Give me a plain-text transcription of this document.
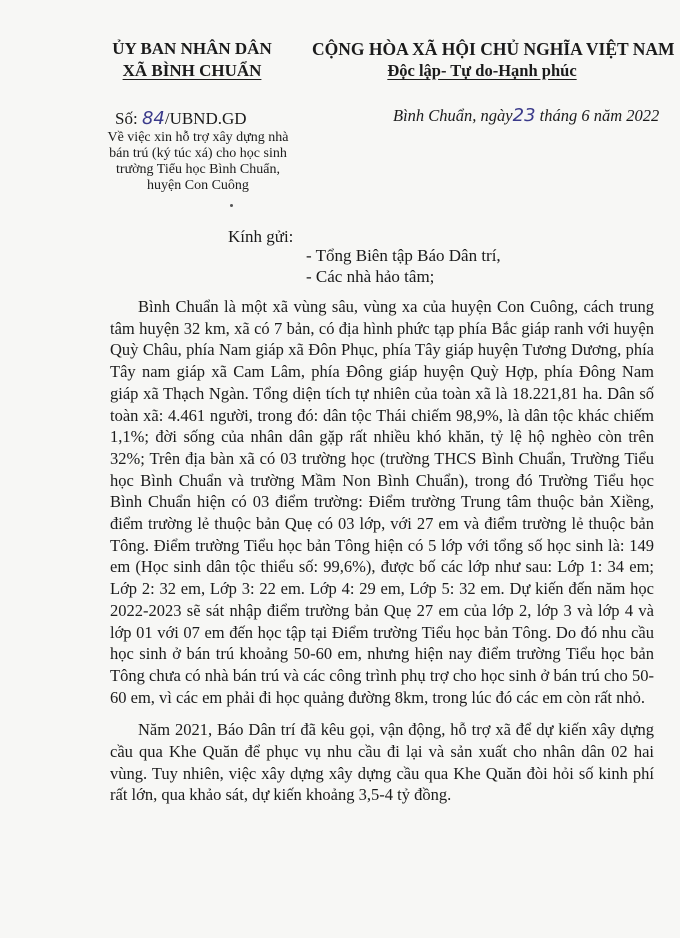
ỦY BAN NHÂN DÂN
XÃ BÌNH CHUẨN
CỘNG HÒA XÃ HỘI CHỦ NGHĨA VIỆT NAM
Độc lập- Tự do-Hạnh phúc
Số: 84/UBND.GD
Về việc xin hỗ trợ xây dựng nhà
bán trú (ký túc xá) cho học sinh
trường Tiểu học Bình Chuẩn,
huyện Con Cuông
Bình Chuẩn, ngày23 tháng 6 năm 2022
Kính gửi:
- Tổng Biên tập Báo Dân trí,
- Các nhà hảo tâm;

Bình Chuẩn là một xã vùng sâu, vùng xa của huyện Con Cuông, cách trung tâm huyện 32 km, xã có 7 bản, có địa hình phức tạp phía Bắc giáp ranh với huyện Quỳ Châu, phía Nam giáp xã Đôn Phục, phía Tây giáp huyện Tương Dương, phía Tây nam giáp xã Cam Lâm, phía Đông giáp huyện Quỳ Hợp, phía Đông Nam giáp xã Thạch Ngàn. Tổng diện tích tự nhiên của toàn xã là 18.221,81 ha. Dân số toàn xã: 4.461 người, trong đó: dân tộc Thái chiếm 98,9%, là dân tộc khác chiếm 1,1%; đời sống của nhân dân gặp rất nhiều khó khăn, tỷ lệ hộ nghèo còn trên 32%; Trên địa bàn xã có 03 trường học (trường THCS Bình Chuẩn, Trường Tiểu học Bình Chuẩn và trường Mầm Non Bình Chuẩn), trong đó Trường Tiểu học Bình Chuẩn hiện có 03 điểm trường: Điểm trường Trung tâm thuộc bản Xiềng, điểm trường lẻ thuộc bản Quẹ có 03 lớp, với 27 em và điểm trường lẻ thuộc bản Tông. Điểm trường Tiểu học bản Tông hiện có 5 lớp với tổng số học sinh là: 149 em (Học sinh dân tộc thiểu số: 99,6%), được bố các lớp như sau: Lớp 1: 34 em; Lớp 2: 32 em, Lớp 3: 22 em. Lớp 4: 29 em, Lớp 5: 32 em. Dự kiến đến năm học 2022-2023 sẽ sát nhập điểm trường bản Quẹ 27 em của lớp 2, lớp 3 và lớp 4 và lớp 01 với 07 em đến học tập tại Điểm trường Tiểu học bản Tông. Do đó nhu cầu học sinh ở bán trú khoảng 50-60 em, nhưng hiện nay điểm trường Tiểu học bản Tông chưa có nhà bán trú và các công trình phụ trợ cho học sinh ở bán trú cho 50-60 em, vì các em phải đi học quảng đường 8km, trong lúc đó các em còn rất nhỏ.

Năm 2021, Báo Dân trí đã kêu gọi, vận động, hỗ trợ xã để dự kiến xây dựng cầu qua Khe Quăn để phục vụ nhu cầu đi lại và sản xuất cho nhân dân 02 hai vùng. Tuy nhiên, việc xây dựng xây dựng cầu qua Khe Quăn đòi hỏi số kinh phí rất lớn, qua khảo sát, dự kiến khoảng 3,5-4 tỷ đồng.
